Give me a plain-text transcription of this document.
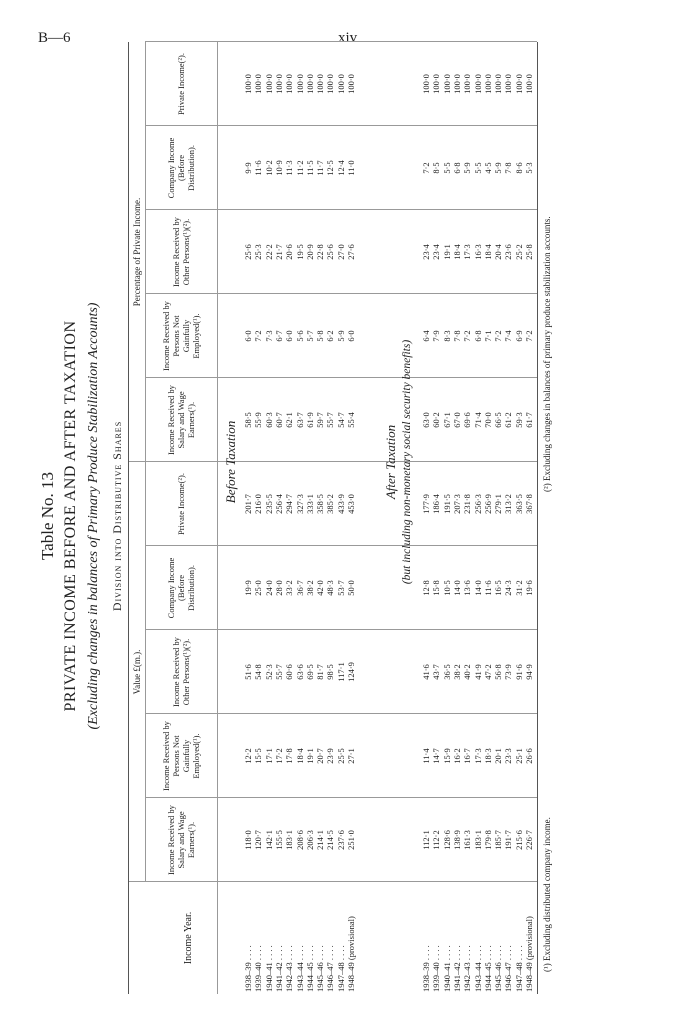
B—6	xiv
Table No. 13 PRIVATE INCOME BEFORE AND AFTER TAXATION (Excluding changes in balances of Primary Produce Stabilization Accounts) Division into Distributive Shares
Value £(m.).
Percentage of Private Income.
Income Year.
Income Received by Salary and Wage Earners(¹).
Income Received by Persons Not Gainfully Employed(¹).
Income Received by Other Persons(¹)(²).
Company Income (Before Distribution).
Private Income(²).
Income Received by Salary and Wage Earners(¹).
Income Received by Persons Not Gainfully Employed(¹).
Income Received by Other Persons(¹)(²).
Company Income (Before Distribution).
Private Income(²).
Before Taxation
1938–39 . . . .
118·0
12·2
51·6
19·9
201·7
58·5
6·0
25·6
9·9
100·0
1939–40 . . . .
120·7
15·5
54·8
25·0
216·0
55·9
7·2
25·3
11·6
100·0
1940–41 . . . .
142·1
17·1
52·3
24·0
235·5
60·3
7·3
22·2
10·2
100·0
1941–42 . . . .
155·5
17·2
55·7
28·0
256·4
60·7
6·7
21·7
10·9
100·0
1942–43 . . . .
183·1
17·8
60·6
33·2
294·7
62·1
6·0
20·6
11·3
100·0
1943–44 . . . .
208·6
18·4
63·6
36·7
327·3
63·7
5·6
19·5
11·2
100·0
1944–45 . . . .
206·3
19·1
69·5
38·2
333·1
61·9
5·7
20·9
11·5
100·0
1945–46 . . . .
214·1
20·7
81·7
42·0
358·5
59·7
5·8
22·8
11·7
100·0
1946–47 . . . .
214·5
23·9
98·5
48·3
385·2
55·7
6·2
25·6
12·5
100·0
1947–48 . . . .
237·6
25·5
117·1
53·7
433·9
54·7
5·9
27·0
12·4
100·0
1948–49 (provisional)
251·0
27·1
124·9
50·0
453·0
55·4
6·0
27·6
11·0
100·0
After Taxation (but including non-monetary social security benefits)
1938–39 . . . .
112·1
11·4
41·6
12·8
177·9
63·0
6·4
23·4
7·2
100·0
1939–40 . . . .
112·2
14·7
43·7
15·8
186·4
60·2
7·9
23·4
8·5
100·0
1940–41 . . . .
128·6
15·9
36·5
10·5
191·5
67·1
8·3
19·1
5·5
100·0
1941–42 . . . .
138·9
16·2
38·2
14·0
207·3
67·0
7·8
18·4
6·8
100·0
1942–43 . . . .
161·3
16·7
40·2
13·6
231·8
69·6
7·2
17·3
5·9
100·0
1943–44 . . . .
183·1
17·3
41·9
14·0
256·3
71·4
6·8
16·3
5·5
100·0
1944–45 . . . .
179·8
18·3
47·2
11·6
256·9
70·0
7·1
18·4
4·5
100·0
1945–46 . . . .
185·7
20·1
56·8
16·5
279·1
66·5
7·2
20·4
5·9
100·0
1946–47 . . . .
191·7
23·3
73·9
24·3
313·2
61·2
7·4
23·6
7·8
100·0
1947–48 . . . .
215·6
25·1
91·6
31·2
363·5
59·3
6·9
25·2
8·6
100·0
1948–49 (provisional)
226·7
26·6
94·9
19·6
367·8
61·7
7·2
25·8
5·3
100·0
(¹) Excluding distributed company income.
(²) Excluding changes in balances of primary produce stabilization accounts.
